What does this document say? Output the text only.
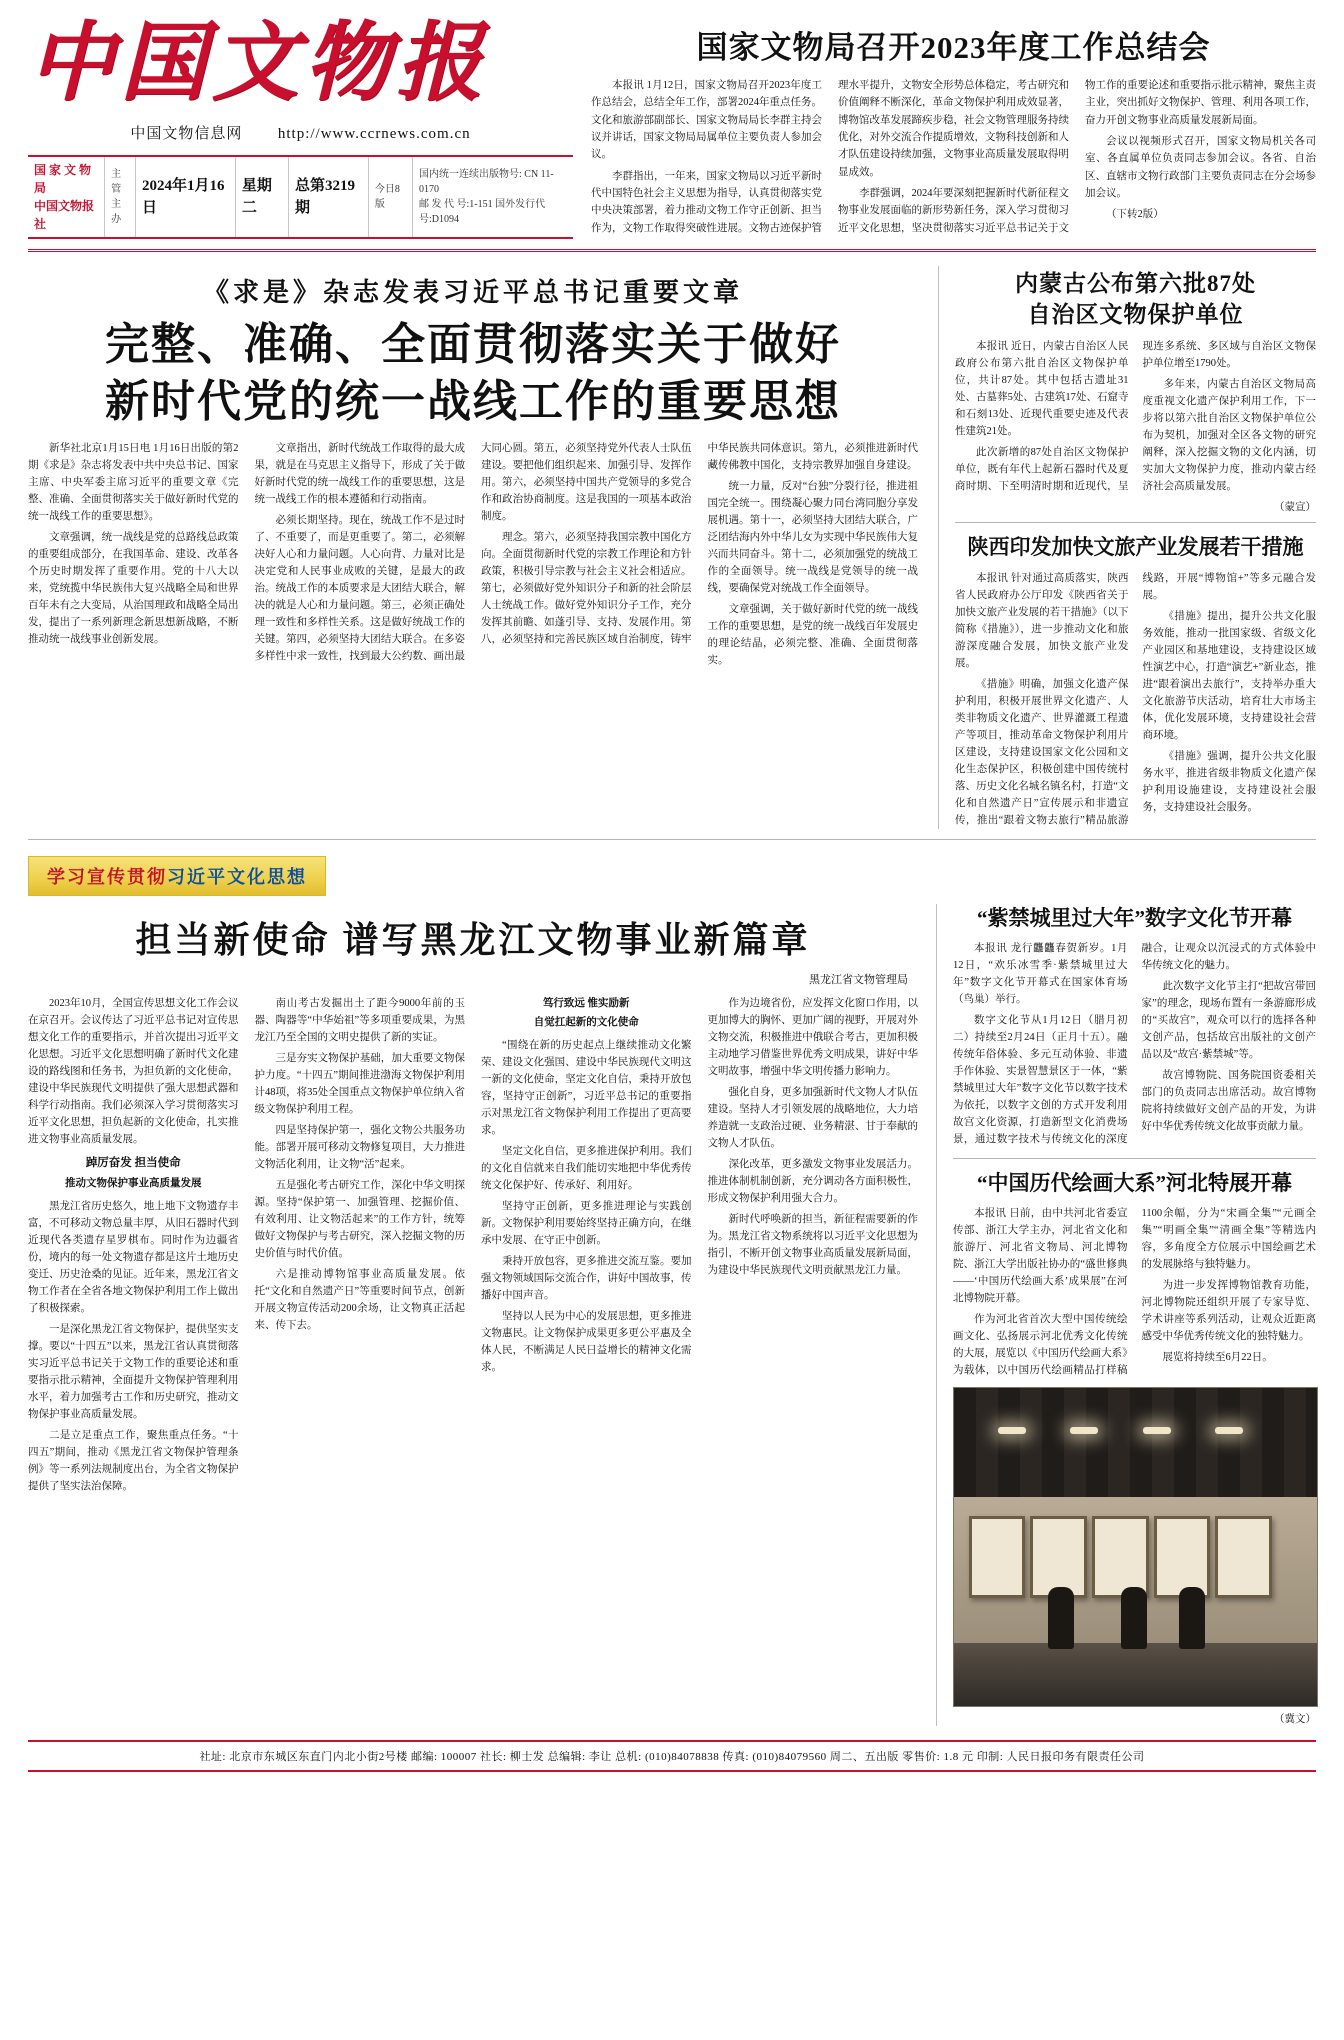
中国文物报
中国文物信息网 http://www.ccrnews.com.cn
国 家 文 物 局
中国文物报社
主管
主办
2024年1月16日
星期二
总第3219期
今日8版
国内统一连续出版物号: CN 11-0170
邮 发 代 号:1-151 国外发行代号:D1094
国家文物局召开2023年度工作总结会

本报讯 1月12日，国家文物局召开2023年度工作总结会，总结全年工作，部署2024年重点任务。文化和旅游部副部长、国家文物局局长李群主持会议并讲话，国家文物局局属单位主要负责人参加会议。

李群指出，一年来，国家文物局以习近平新时代中国特色社会主义思想为指导，认真贯彻落实党中央决策部署，着力推动文物工作守正创新、担当作为，文物工作取得突破性进展。文物古迹保护管理水平提升，文物安全形势总体稳定，考古研究和价值阐释不断深化，革命文物保护利用成效显著，博物馆改革发展蹄疾步稳，社会文物管理服务持续优化，对外交流合作提质增效，文物科技创新和人才队伍建设持续加强，文物事业高质量发展取得明显成效。

李群强调，2024年要深刻把握新时代新征程文物事业发展面临的新形势新任务，深入学习贯彻习近平文化思想，坚决贯彻落实习近平总书记关于文物工作的重要论述和重要指示批示精神，聚焦主责主业，突出抓好文物保护、管理、利用各项工作，奋力开创文物事业高质量发展新局面。

会议以视频形式召开，国家文物局机关各司室、各直属单位负责同志参加会议。各省、自治区、直辖市文物行政部门主要负责同志在分会场参加会议。

（下转2版）

《求是》杂志发表习近平总书记重要文章
完整、准确、全面贯彻落实关于做好
新时代党的统一战线工作的重要思想

新华社北京1月15日电 1月16日出版的第2期《求是》杂志将发表中共中央总书记、国家主席、中央军委主席习近平的重要文章《完整、准确、全面贯彻落实关于做好新时代党的统一战线工作的重要思想》。

文章强调，统一战线是党的总路线总政策的重要组成部分，在我国革命、建设、改革各个历史时期发挥了重要作用。党的十八大以来，党统揽中华民族伟大复兴战略全局和世界百年未有之大变局，从治国理政和战略全局出发，提出了一系列新理念新思想新战略，不断推动统一战线事业创新发展。

文章指出，新时代统战工作取得的最大成果，就是在马克思主义指导下，形成了关于做好新时代党的统一战线工作的重要思想，这是统一战线工作的根本遵循和行动指南。

必须长期坚持。现在，统战工作不是过时了、不重要了，而是更重要了。第二，必须解决好人心和力量问题。人心向背、力量对比是决定党和人民事业成败的关键，是最大的政治。统战工作的本质要求是大团结大联合，解决的就是人心和力量问题。第三，必须正确处理一致性和多样性关系。这是做好统战工作的关键。第四，必须坚持大团结大联合。在多姿多样性中求一致性，找到最大公约数、画出最大同心圆。第五，必须坚持党外代表人士队伍建设。要把他们组织起来、加强引导、发挥作用。第六，必须坚持中国共产党领导的多党合作和政治协商制度。这是我国的一项基本政治制度。

理念。第六，必须坚持我国宗教中国化方向。全面贯彻新时代党的宗教工作理论和方针政策，积极引导宗教与社会主义社会相适应。第七，必须做好党外知识分子和新的社会阶层人士统战工作。做好党外知识分子工作，充分发挥其前瞻、如蓬引导、支持、发展作用。第八，必须坚持和完善民族区域自治制度，铸牢中华民族共同体意识。第九，必须推进新时代藏传佛教中国化，支持宗教界加强自身建设。

统一力量，反对“台独”分裂行径，推进祖国完全统一。围绕凝心聚力同台湾同胞分享发展机遇。第十一，必须坚持大团结大联合，广泛团结海内外中华儿女为实现中华民族伟大复兴而共同奋斗。第十二，必须加强党的统战工作的全面领导。统一战线是党领导的统一战线，要确保党对统战工作全面领导。

文章强调，关于做好新时代党的统一战线工作的重要思想，是党的统一战线百年发展史的理论结晶，必须完整、准确、全面贯彻落实。

内蒙古公布第六批87处
自治区文物保护单位

本报讯 近日，内蒙古自治区人民政府公布第六批自治区文物保护单位，共计87处。其中包括古遗址31处、古墓葬5处、古建筑17处、石窟寺和石刻13处、近现代重要史迹及代表性建筑21处。

此次新增的87处自治区文物保护单位，既有年代上起新石器时代及夏商时期、下至明清时期和近现代，呈现连多系统、多区域与自治区文物保护单位增至1790处。

多年来，内蒙古自治区文物局高度重视文化遗产保护利用工作，下一步将以第六批自治区文物保护单位公布为契机，加强对全区各文物的研究阐释，深入挖掘文物的文化内涵，切实加大文物保护力度，推动内蒙古经济社会高质量发展。

（蒙宣）
陕西印发加快文旅产业发展若干措施

本报讯 针对通过高质落实，陕西省人民政府办公厅印发《陕西省关于加快文旅产业发展的若干措施》（以下简称《措施》），进一步推动文化和旅游深度融合发展，加快文旅产业发展。

《措施》明确，加强文化遗产保护利用，积极开展世界文化遗产、人类非物质文化遗产、世界灌溉工程遗产等项目，推动革命文物保护利用片区建设，支持建设国家文化公园和文化生态保护区，积极创建中国传统村落、历史文化名城名镇名村，打造“文化和自然遗产日”宣传展示和非遗宣传，推出“跟着文物去旅行”精品旅游线路，开展“博物馆+”等多元融合发展。

《措施》提出，提升公共文化服务效能，推动一批国家级、省级文化产业园区和基地建设，支持建设区域性演艺中心，打造“演艺+”新业态，推进“跟着演出去旅行”，支持举办重大文化旅游节庆活动，培育壮大市场主体，优化发展环境，支持建设社会营商环境。

《措施》强调，提升公共文化服务水平，推进省级非物质文化遗产保护利用设施建设，支持建设社会服务，支持建设社会服务。

学习宣传贯彻习近平文化思想
担当新使命 谱写黑龙江文物事业新篇章
黑龙江省文物管理局

2023年10月，全国宣传思想文化工作会议在京召开。会议传达了习近平总书记对宣传思想文化工作的重要指示，并首次提出习近平文化思想。习近平文化思想明确了新时代文化建设的路线图和任务书，为担负新的文化使命，建设中华民族现代文明提供了强大思想武器和科学行动指南。我们必须深入学习贯彻落实习近平文化思想，担负起新的文化使命，扎实推进文物事业高质量发展。

踔厉奋发 担当使命

推动文物保护事业高质量发展

黑龙江省历史悠久，地上地下文物遗存丰富，不可移动文物总量丰厚，从旧石器时代到近现代各类遗存星罗棋布。同时作为边疆省份，境内的每一处文物遗存都是这片土地历史变迁、历史沧桑的见证。近年来，黑龙江省文物工作者在全省各地文物保护利用工作上做出了积极探索。

一是深化黑龙江省文物保护，提供坚实支撑。要以“十四五”以来，黑龙江省认真贯彻落实习近平总书记关于文物工作的重要论述和重要指示批示精神，全面提升文物保护管理利用水平，着力加强考古工作和历史研究，推动文物保护事业高质量发展。

二是立足重点工作，聚焦重点任务。“十四五”期间，推动《黑龙江省文物保护管理条例》等一系列法规制度出台，为全省文物保护提供了坚实法治保障。

南山考古发掘出土了距今9000年前的玉器、陶器等“中华始祖”等多项重要成果，为黑龙江乃至全国的文明史提供了新的实证。

三是夯实文物保护基础，加大重要文物保护力度。“十四五”期间推进渤海文物保护利用计48项，将35处全国重点文物保护单位纳入省级文物保护利用工程。

四是坚持保护第一，强化文物公共服务功能。部署开展可移动文物修复项目，大力推进文物活化利用，让文物“活”起来。

五是强化考古研究工作，深化中华文明探源。坚持“保护第一、加强管理、挖掘价值、有效利用、让文物活起来”的工作方针，统筹做好文物保护与考古研究，深入挖掘文物的历史价值与时代价值。

六是推动博物馆事业高质量发展。依托“文化和自然遗产日”等重要时间节点，创新开展文物宣传活动200余场，让文物真正活起来、传下去。

笃行致远 惟实励新

自觉扛起新的文化使命

“围绕在新的历史起点上继续推动文化繁荣、建设文化强国、建设中华民族现代文明这一新的文化使命，坚定文化自信，秉持开放包容，坚持守正创新”，习近平总书记的重要指示对黑龙江省文物保护利用工作提出了更高要求。

坚定文化自信，更多推进保护利用。我们的文化自信就来自我们能切实地把中华优秀传统文化保护好、传承好、利用好。

坚持守正创新，更多推进理论与实践创新。文物保护利用要始终坚持正确方向，在继承中发展、在守正中创新。

秉持开放包容，更多推进交流互鉴。要加强文物领域国际交流合作，讲好中国故事，传播好中国声音。

坚持以人民为中心的发展思想，更多推进文物惠民。让文物保护成果更多更公平惠及全体人民，不断满足人民日益增长的精神文化需求。

作为边境省份，应发挥文化窗口作用，以更加博大的胸怀、更加广阔的视野，开展对外文物交流，积极推进中俄联合考古，更加积极主动地学习借鉴世界优秀文明成果，讲好中华文明故事，增强中华文明传播力影响力。

强化自身，更多加强新时代文物人才队伍建设。坚持人才引领发展的战略地位，大力培养造就一支政治过硬、业务精湛、甘于奉献的文物人才队伍。

深化改革，更多激发文物事业发展活力。推进体制机制创新，充分调动各方面积极性，形成文物保护利用强大合力。

新时代呼唤新的担当，新征程需要新的作为。黑龙江省文物系统将以习近平文化思想为指引，不断开创文物事业高质量发展新局面，为建设中华民族现代文明贡献黑龙江力量。

“紫禁城里过大年”数字文化节开幕

本报讯 龙行龘龘春贺新岁。1月12日，“欢乐冰雪季·紫禁城里过大年”数字文化节开幕式在国家体育场（鸟巢）举行。

数字文化节从1月12日（腊月初二）持续至2月24日（正月十五）。融传统年俗体验、多元互动体验、非遗手作体验、实景智慧景区于一体，“紫禁城里过大年”数字文化节以数字技术为依托，以数字文创的方式开发利用故宫文化资源，打造新型文化消费场景，通过数字技术与传统文化的深度融合，让观众以沉浸式的方式体验中华传统文化的魅力。

此次数字文化节主打“把故宫带回家”的理念，现场布置有一条游廊形成的“买故宫”，观众可以行的选择各种文创产品，包括故宫出版社的文创产品以及“故宫·紫禁城”等。

故宫博物院、国务院国资委相关部门的负责同志出席活动。故宫博物院将持续做好文创产品的开发，为讲好中华优秀传统文化故事贡献力量。

“中国历代绘画大系”河北特展开幕

本报讯 日前，由中共河北省委宣传部、浙江大学主办，河北省文化和旅游厅、河北省文物局、河北博物院、浙江大学出版社协办的“盛世修典——‘中国历代绘画大系’成果展”在河北博物院开幕。

作为河北省首次大型中国传统绘画文化、弘扬展示河北优秀文化传统的大展，展览以《中国历代绘画大系》为载体，以中国历代绘画精品打样稿1100余幅，分为“宋画全集”“元画全集”“明画全集”“清画全集”等精选内容，多角度全方位展示中国绘画艺术的发展脉络与独特魅力。

为进一步发挥博物馆教育功能，河北博物院还组织开展了专家导览、学术讲座等系列活动，让观众近距离感受中华优秀传统文化的独特魅力。

展览将持续至6月22日。

（冀文）
社址: 北京市东城区东直门内北小街2号楼 邮编: 100007 社长: 柳士发 总编辑: 李让 总机: (010)84078838 传真: (010)84079560 周二、五出版 零售价: 1.8 元 印制: 人民日报印务有限责任公司
